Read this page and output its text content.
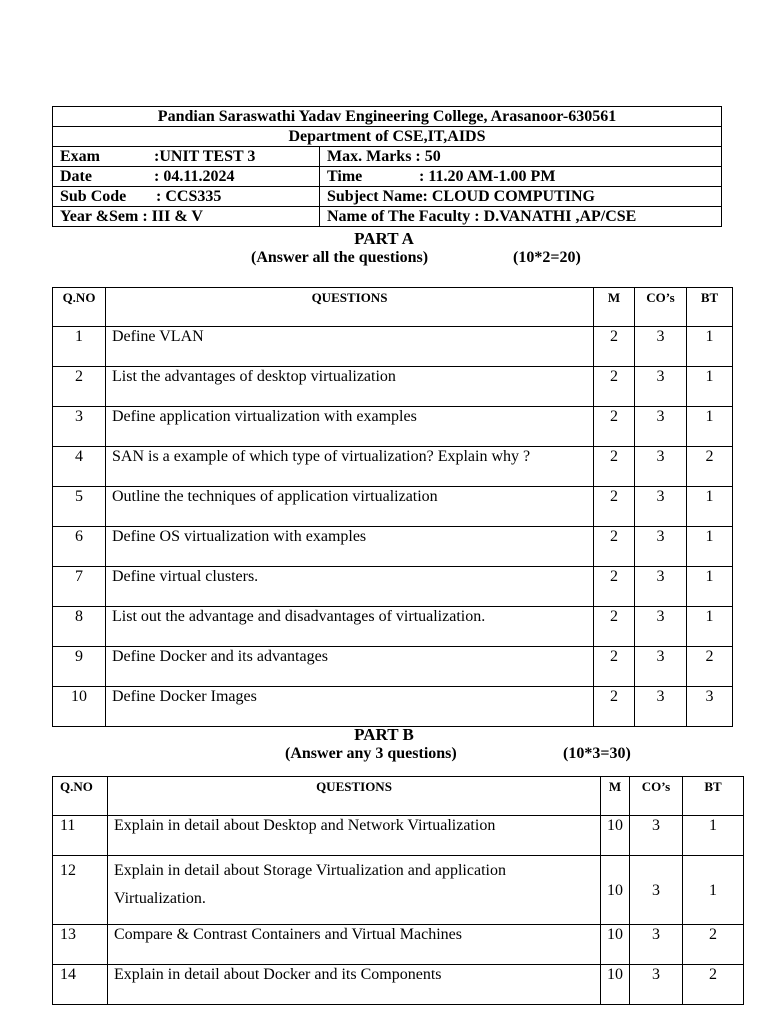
Pandian Saraswathi Yadav Engineering College, Arasanoor-630561	
Department of CSE,IT,AIDS	
Exam :UNIT TEST 3	Max. Marks : 50
Date : 04.11.2024	Time : 11.20 AM-1.00 PM
Sub Code : CCS335	Subject Name: CLOUD COMPUTING
Year &Sem : III & V	Name of The Faculty : D.VANATHI ,AP/CSE
PART A
(Answer all the questions)	(10*2=20)
Q.NO	QUESTIONS	M	CO’s	BT
1	Define VLAN	2	3	1
2	List the advantages of desktop virtualization	2	3	1
3	Define application virtualization with examples	2	3	1
4	SAN is a example of which type of virtualization? Explain why ?	2	3	2
5	Outline the techniques of application virtualization	2	3	1
6	Define OS virtualization with examples	2	3	1
7	Define virtual clusters.	2	3	1
8	List out the advantage and disadvantages of virtualization.	2	3	1
9	Define Docker and its advantages	2	3	2
10	Define Docker Images	2	3	3
PART B
(Answer any 3 questions)	(10*3=30)
Q.NO	QUESTIONS	M	CO’s	BT
11	Explain in detail about Desktop and Network Virtualization	10	3	1
12	Explain in detail about Storage Virtualization and application Virtualization.	10	3	1
13	Compare & Contrast Containers and Virtual Machines	10	3	2
14	Explain in detail about Docker and its Components	10	3	2
